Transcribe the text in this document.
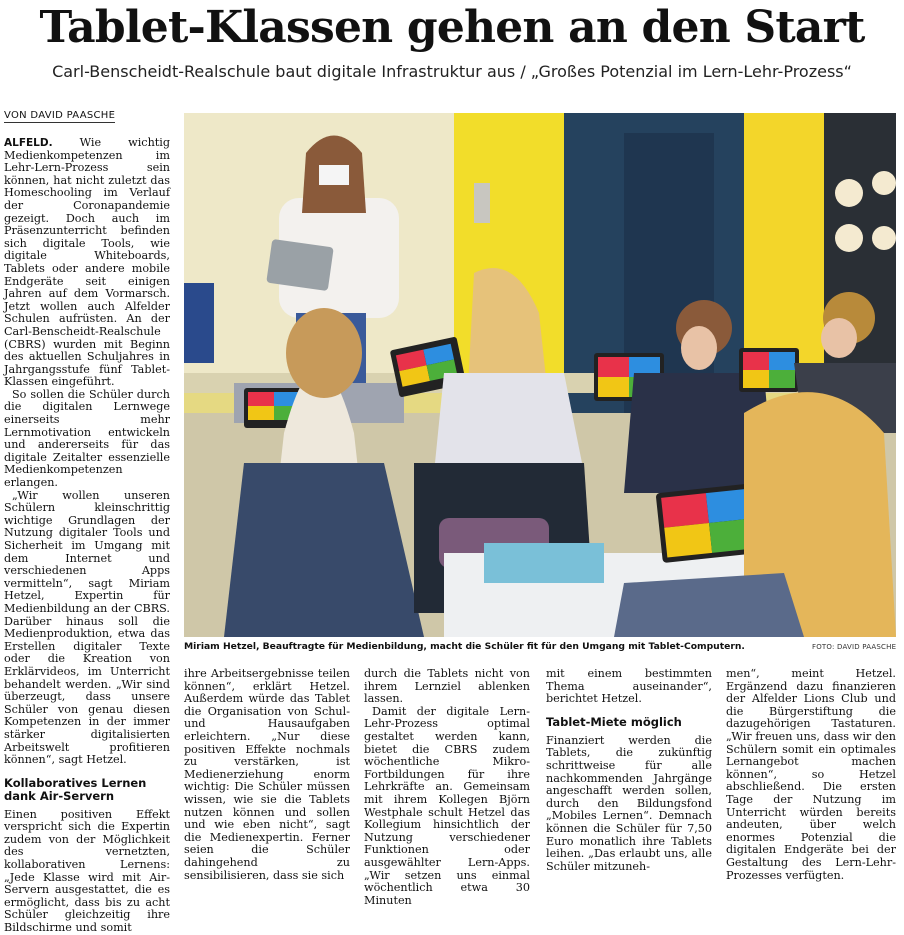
Tablet-Klassen gehen an den Start
Carl-Benscheidt-Realschule baut digitale Infrastruktur aus / „Großes Potenzial im Lern-Lehr-Prozess“
VON DAVID PAASCHE

ALFELD. Wie wichtig Medienkompetenzen im Lehr-Lern-Prozess sein können, hat nicht zuletzt das Homeschooling im Verlauf der Coronapandemie gezeigt. Doch auch im Präsenzunterricht befinden sich digitale Tools, wie digitale Whiteboards, Tablets oder andere mobile Endgeräte seit einigen Jahren auf dem Vormarsch. Jetzt wollen auch Alfelder Schulen aufrüsten. An der Carl-Benscheidt-Realschule (CBRS) wurden mit Beginn des aktuellen Schuljahres in Jahrgangsstufe fünf Tablet-Klassen eingeführt.

So sollen die Schüler durch die digitalen Lernwege einerseits mehr Lernmotivation entwickeln und andererseits für das digitale Zeitalter essenzielle Medienkompetenzen erlangen.

„Wir wollen unseren Schülern kleinschrittig wichtige Grundlagen der Nutzung digitaler Tools und Sicherheit im Umgang mit dem Internet und verschiedenen Apps vermitteln“, sagt Miriam Hetzel, Expertin für Medienbildung an der CBRS. Darüber hinaus soll die Medienproduktion, etwa das Erstellen digitaler Texte oder die Kreation von Erklärvideos, im Unterricht behandelt werden. „Wir sind überzeugt, dass unsere Schüler von genau diesen Kompetenzen in der immer stärker digitalisierten Arbeitswelt profitieren können“, sagt Hetzel.

Kollaboratives Lernen dank Air-Servern

Einen positiven Effekt verspricht sich die Expertin zudem von der Möglichkeit des vernetzten, kollaborativen Lernens: „Jede Klasse wird mit Air-Servern ausgestattet, die es ermöglicht, dass bis zu acht Schüler gleichzeitig ihre Bildschirme und somit

Miriam Hetzel, Beauftragte für Medienbildung, macht die Schüler fit für den Umgang mit Tablet-Computern.	FOTO: DAVID PAASCHE

ihre Arbeitsergebnisse teilen können“, erklärt Hetzel. Außerdem würde das Tablet die Organisation von Schul- und Hausaufgaben erleichtern. „Nur diese positiven Effekte nochmals zu verstärken, ist Medienerziehung enorm wichtig: Die Schüler müssen wissen, wie sie die Tablets nutzen können und sollen und wie eben nicht“, sagt die Medienexpertin. Ferner seien die Schüler dahingehend zu sensibilisieren, dass sie sich

durch die Tablets nicht von ihrem Lernziel ablenken lassen.

Damit der digitale Lern-Lehr-Prozess optimal gestaltet werden kann, bietet die CBRS zudem wöchentliche Mikro-Fortbildungen für ihre Lehrkräfte an. Gemeinsam mit ihrem Kollegen Björn Westphale schult Hetzel das Kollegium hinsichtlich der Nutzung verschiedener Funktionen oder ausgewählter Lern-Apps. „Wir setzen uns einmal wöchentlich etwa 30 Minuten

mit einem bestimmten Thema auseinander“, berichtet Hetzel.

Tablet-Miete möglich

Finanziert werden die Tablets, die zukünftig schrittweise für alle nachkommenden Jahrgänge angeschafft werden sollen, durch den Bildungsfond „Mobiles Lernen“. Demnach können die Schüler für 7,50 Euro monatlich ihre Tablets leihen. „Das erlaubt uns, alle Schüler mitzuneh-

men“, meint Hetzel. Ergänzend dazu finanzieren der Alfelder Lions Club und die Bürgerstiftung die dazugehörigen Tastaturen. „Wir freuen uns, dass wir den Schülern somit ein optimales Lernangebot machen können“, so Hetzel abschließend. Die ersten Tage der Nutzung im Unterricht würden bereits andeuten, über welch enormes Potenzial die digitalen Endgeräte bei der Gestaltung des Lern-Lehr-Prozesses verfügten.
